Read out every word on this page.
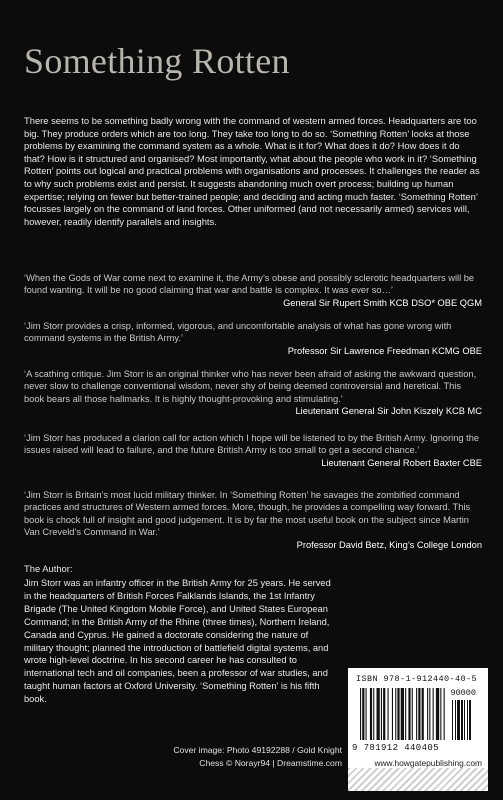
Something Rotten

There seems to be something badly wrong with the command of western armed forces. Headquarters are too big. They produce orders which are too long. They take too long to do so. ‘Something Rotten’ looks at those problems by examining the command system as a whole. What is it for? What does it do? How does it do that? How is it structured and organised? Most importantly, what about the people who work in it? ‘Something Rotten’ points out logical and practical problems with organisations and processes. It challenges the reader as to why such problems exist and persist. It suggests abandoning much overt process; building up human expertise; relying on fewer but better-trained people; and deciding and acting much faster. ‘Something Rotten’ focusses largely on the command of land forces. Other uniformed (and not necessarily armed) services will, however, readily identify parallels and insights.

‘When the Gods of War come next to examine it, the Army’s obese and possibly sclerotic headquarters will be found wanting. It will be no good claiming that war and battle is complex. It was ever so…’

General Sir Rupert Smith KCB DSO* OBE QGM

‘Jim Storr provides a crisp, informed, vigorous, and uncomfortable analysis of what has gone wrong with command systems in the British Army.’

Professor Sir Lawrence Freedman KCMG OBE

‘A scathing critique. Jim Storr is an original thinker who has never been afraid of asking the awkward question, never slow to challenge conventional wisdom, never shy of being deemed controversial and heretical. This book bears all those hallmarks. It is highly thought-provoking and stimulating.’

Lieutenant General Sir John Kiszely KCB MC

‘Jim Storr has produced a clarion call for action which I hope will be listened to by the British Army. Ignoring the issues raised will lead to failure, and the future British Army is too small to get a second chance.’

Lieutenant General Robert Baxter CBE

‘Jim Storr is Britain’s most lucid military thinker. In ‘Something Rotten’ he savages the zombified command practices and structures of Western armed forces. More, though, he provides a compelling way forward. This book is chock full of insight and good judgement. It is by far the most useful book on the subject since Martin Van Creveld’s Command in War.’

Professor David Betz, King’s College London

The Author:

Jim Storr was an infantry officer in the British Army for 25 years. He served in the headquarters of British Forces Falklands Islands, the 1st Infantry Brigade (The United Kingdom Mobile Force), and United States European Command; in the British Army of the Rhine (three times), Northern Ireland, Canada and Cyprus. He gained a doctorate considering the nature of military thought; planned the introduction of battlefield digital systems, and wrote high-level doctrine. In his second career he has consulted to international tech and oil companies, been a professor of war studies, and taught human factors at Oxford University. ‘Something Rotten’ is his fifth book.

Cover image: Photo 49192288 / Gold Knight
Chess © Norayr94 | Dreamstime.com
ISBN 978-1-912440-40-5
90000
9 781912 440405
www.howgatepublishing.com
